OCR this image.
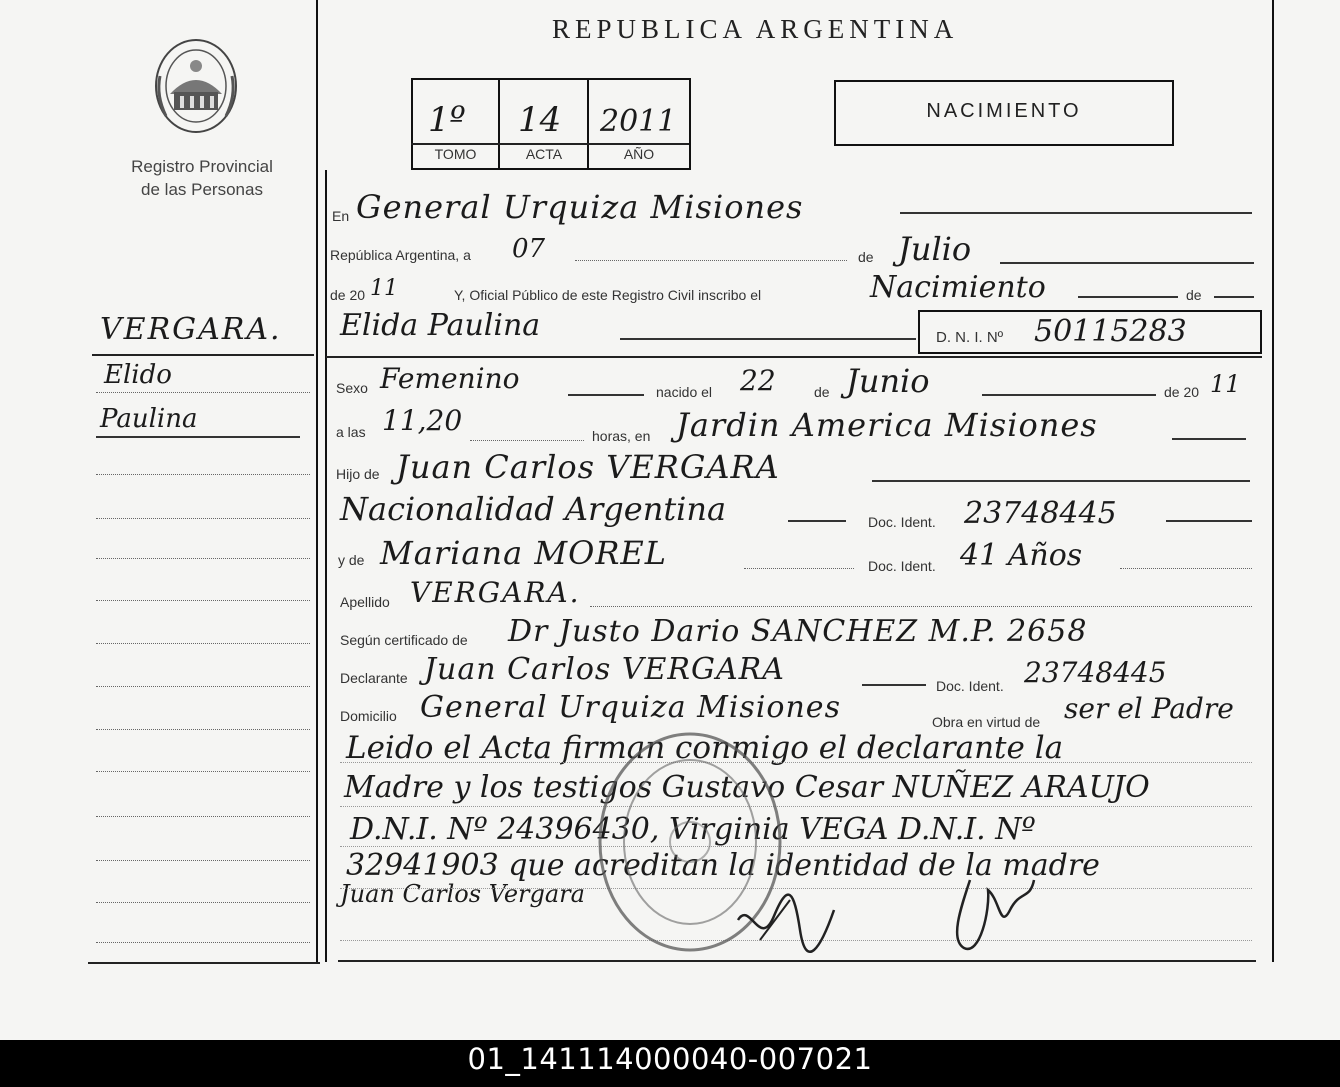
Registro Provincial
de las Personas
REPUBLICA ARGENTINA
1º 14 2011
TOMO	ACTA	AÑO
NACIMIENTO
VERGARA.
Elido
Paulina
En General Urquiza Misiones
República Argentina, a 07	de Julio
de 20 11	Y, Oficial Público de este Registro Civil inscribo el	Nacimiento	de
Elida Paulina	D. N. I. Nº 50115283
Sexo Femenino	nacido el 22	de Junio	de 20 11
a las 11,20	horas, en Jardin America Misiones
Hijo de Juan Carlos VERGARA
Nacionalidad Argentina	Doc. Ident. 23748445
y de Mariana MOREL	Doc. Ident. 41 Años
Apellido VERGARA.
Según certificado de Dr Justo Dario SANCHEZ M.P. 2658
Declarante Juan Carlos VERGARA	Doc. Ident. 23748445
Domicilio General Urquiza Misiones	Obra en virtud de ser el Padre
Leido el Acta firman conmigo el declarante la
Madre y los testigos Gustavo Cesar NUÑEZ ARAUJO
D.N.I. Nº 24396430, Virginia VEGA D.N.I. Nº
32941903 que acreditan la identidad de la madre
Juan Carlos Vergara
01_141114000040-007021
